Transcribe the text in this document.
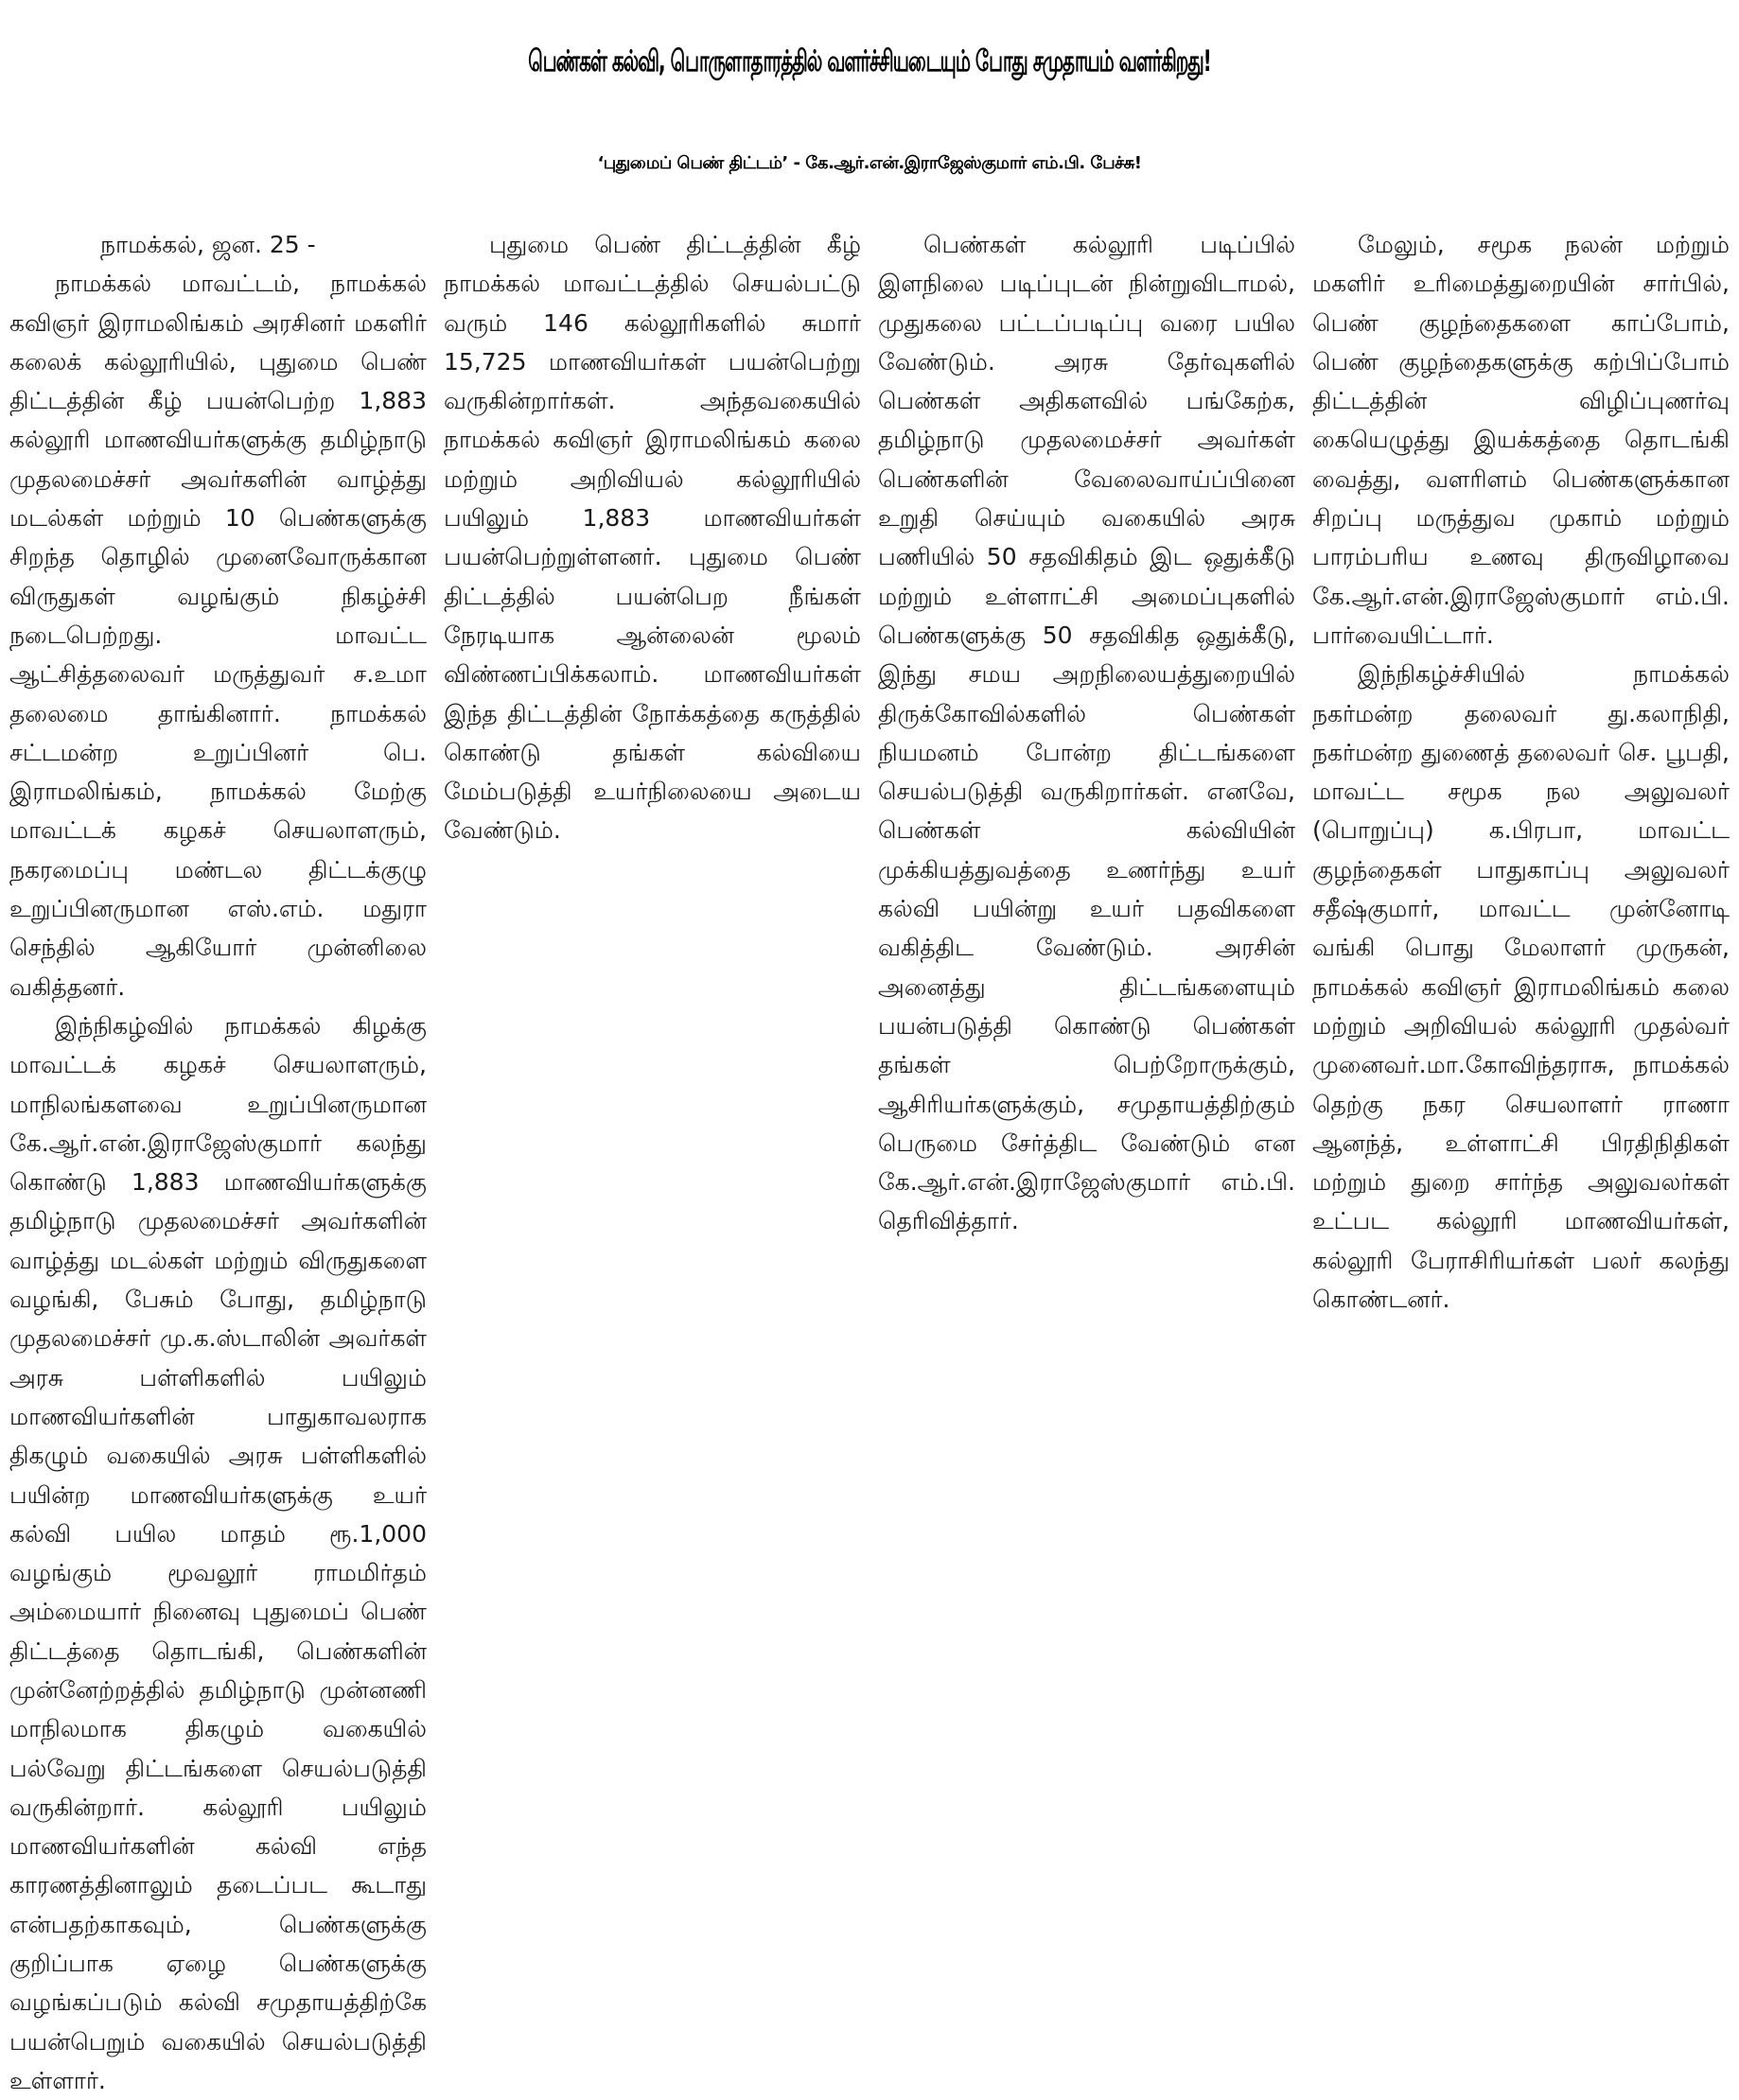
பெண்கள் கல்வி, பொருளாதாரத்தில் வளர்ச்சியடையும் போது சமுதாயம் வளர்கிறது!
‘புதுமைப் பெண் திட்டம்’ - கே.ஆர்.என்.இராஜேஸ்குமார் எம்.பி. பேச்சு!

நாமக்கல், ஜன. 25 -

நாமக்கல் மாவட்டம், நாமக்கல் கவிஞர் இராமலிங்கம் அரசினர் மகளிர் கலைக் கல்லூரியில், புதுமை பெண் திட்டத்தின் கீழ் பயன்பெற்ற 1,883 கல்லூரி மாணவியர்களுக்கு தமிழ்நாடு முதலமைச்சர் அவர்களின் வாழ்த்து மடல்கள் மற்றும் 10 பெண்களுக்கு சிறந்த தொழில் முனைவோருக்கான விருதுகள் வழங்கும் நிகழ்ச்சி நடைபெற்றது. மாவட்ட ஆட்சித்தலைவர் மருத்துவர் ச.உமா தலைமை தாங்கினார். நாமக்கல் சட்டமன்ற உறுப்பினர் பெ. இராமலிங்கம், நாமக்கல் மேற்கு மாவட்டக் கழகச் செயலாளரும், நகரமைப்பு மண்டல திட்டக்குழு உறுப்பினருமான எஸ்.எம். மதுரா செந்தில் ஆகியோர் முன்னிலை வகித்தனர்.

இந்நிகழ்வில் நாமக்கல் கிழக்கு மாவட்டக் கழகச் செயலாளரும், மாநிலங்களவை உறுப்பினருமான கே.ஆர்.என்.இராஜேஸ்குமார் கலந்து கொண்டு 1,883 மாணவியர்களுக்கு தமிழ்நாடு முதலமைச்சர் அவர்களின் வாழ்த்து மடல்கள் மற்றும் விருதுகளை வழங்கி, பேசும் போது, தமிழ்நாடு முதலமைச்சர் மு.க.ஸ்டாலின் அவர்கள் அரசு பள்ளிகளில் பயிலும் மாணவியர்களின் பாதுகாவலராக திகழும் வகையில் அரசு பள்ளிகளில் பயின்ற மாணவியர்களுக்கு உயர் கல்வி பயில மாதம் ரூ.1,000 வழங்கும் மூவலூர் ராமமிர்தம் அம்மையார் நினைவு புதுமைப் பெண் திட்டத்தை தொடங்கி, பெண்களின் முன்னேற்றத்தில் தமிழ்நாடு முன்னணி மாநிலமாக திகழும் வகையில் பல்வேறு திட்டங்களை செயல்படுத்தி வருகின்றார். கல்லூரி பயிலும் மாணவியர்களின் கல்வி எந்த காரணத்தினாலும் தடைப்பட கூடாது என்பதற்காகவும், பெண்களுக்கு குறிப்பாக ஏழை பெண்களுக்கு வழங்கப்படும் கல்வி சமுதாயத்திற்கே பயன்பெறும் வகையில் செயல்படுத்தி உள்ளார்.

புதுமை பெண் திட்டத்தின் கீழ் நாமக்கல் மாவட்டத்தில் செயல்பட்டு வரும் 146 கல்லூரிகளில் சுமார் 15,725 மாணவியர்கள் பயன்பெற்று வருகின்றார்கள். அந்தவகையில் நாமக்கல் கவிஞர் இராமலிங்கம் கலை மற்றும் அறிவியல் கல்லூரியில் பயிலும் 1,883 மாணவியர்கள் பயன்பெற்றுள்ளனர். புதுமை பெண் திட்டத்தில் பயன்பெற நீங்கள் நேரடியாக ஆன்லைன் மூலம் விண்ணப்பிக்கலாம். மாணவியர்கள் இந்த திட்டத்தின் நோக்கத்தை கருத்தில் கொண்டு தங்கள் கல்வியை மேம்படுத்தி உயர்நிலையை அடைய வேண்டும்.

பெண்கள் கல்லூரி படிப்பில் இளநிலை படிப்புடன் நின்றுவிடாமல், முதுகலை பட்டப்படிப்பு வரை பயில வேண்டும். அரசு தேர்வுகளில் பெண்கள் அதிகளவில் பங்கேற்க, தமிழ்நாடு முதலமைச்சர் அவர்கள் பெண்களின் வேலைவாய்ப்பினை உறுதி செய்யும் வகையில் அரசு பணியில் 50 சதவிகிதம் இட ஒதுக்கீடு மற்றும் உள்ளாட்சி அமைப்புகளில் பெண்களுக்கு 50 சதவிகித ஒதுக்கீடு, இந்து சமய அறநிலையத்துறையில் திருக்கோவில்களில் பெண்கள் நியமனம் போன்ற திட்டங்களை செயல்படுத்தி வருகிறார்கள். எனவே, பெண்கள் கல்வியின் முக்கியத்துவத்தை உணர்ந்து உயர் கல்வி பயின்று உயர் பதவிகளை வகித்திட வேண்டும். அரசின் அனைத்து திட்டங்களையும் பயன்படுத்தி கொண்டு பெண்கள் தங்கள் பெற்றோருக்கும், ஆசிரியர்களுக்கும், சமுதாயத்திற்கும் பெருமை சேர்த்திட வேண்டும் என கே.ஆர்.என்.இராஜேஸ்குமார் எம்.பி. தெரிவித்தார்.

மேலும், சமூக நலன் மற்றும் மகளிர் உரிமைத்துறையின் சார்பில், பெண் குழந்தைகளை காப்போம், பெண் குழந்தைகளுக்கு கற்பிப்போம் திட்டத்தின் விழிப்புணர்வு கையெழுத்து இயக்கத்தை தொடங்கி வைத்து, வளரிளம் பெண்களுக்கான சிறப்பு மருத்துவ முகாம் மற்றும் பாரம்பரிய உணவு திருவிழாவை கே.ஆர்.என்.இராஜேஸ்குமார் எம்.பி. பார்வையிட்டார்.

இந்நிகழ்ச்சியில் நாமக்கல் நகர்மன்ற தலைவர் து.கலாநிதி, நகர்மன்ற துணைத் தலைவர் செ. பூபதி, மாவட்ட சமூக நல அலுவலர் (பொறுப்பு) க.பிரபா, மாவட்ட குழந்தைகள் பாதுகாப்பு அலுவலர் சதீஷ்குமார், மாவட்ட முன்னோடி வங்கி பொது மேலாளர் முருகன், நாமக்கல் கவிஞர் இராமலிங்கம் கலை மற்றும் அறிவியல் கல்லூரி முதல்வர் முனைவர்.மா.கோவிந்தராசு, நாமக்கல் தெற்கு நகர செயலாளர் ராணா ஆனந்த், உள்ளாட்சி பிரதிநிதிகள் மற்றும் துறை சார்ந்த அலுவலர்கள் உட்பட கல்லூரி மாணவியர்கள், கல்லூரி பேராசிரியர்கள் பலர் கலந்து கொண்டனர்.
